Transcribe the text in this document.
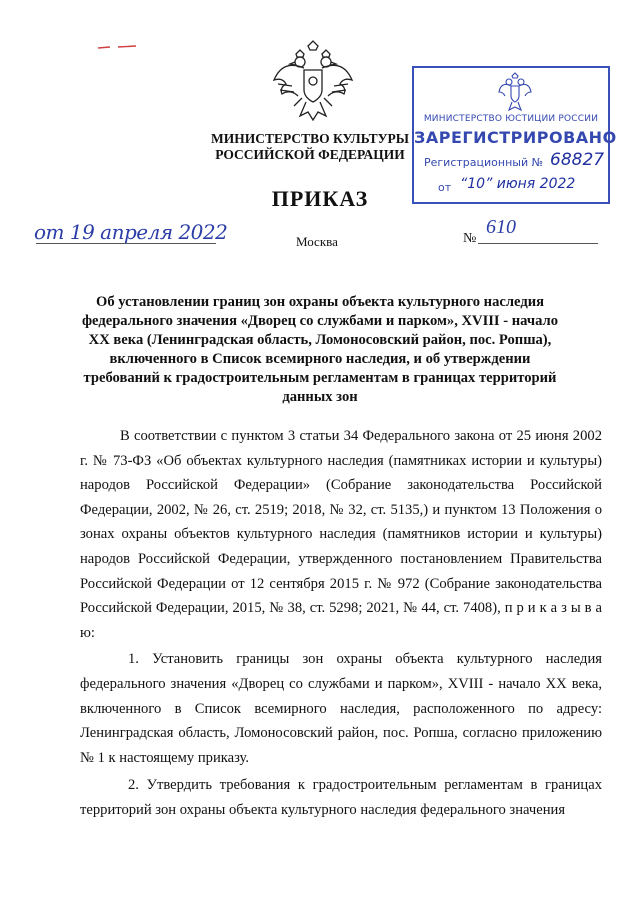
МИНИСТЕРСТВО КУЛЬТУРЫ
РОССИЙСКОЙ ФЕДЕРАЦИИ
МИНИСТЕРСТВО ЮСТИЦИИ РОССИИ
ЗАРЕГИСТРИРОВАНО
Регистрационный № 68827
от “10” июня 2022
ПРИКАЗ
от 19 апреля 2022	Москва	№
610
Об установлении границ зон охраны объекта культурного наследия
федерального значения «Дворец со службами и парком», XVIII - начало
XX века (Ленинградская область, Ломоносовский район, пос. Ропша),
включенного в Список всемирного наследия, и об утверждении
требований к градостроительным регламентам в границах территорий
данных зон

В соответствии с пунктом 3 статьи 34 Федерального закона от 25 июня 2002 г. № 73-ФЗ «Об объектах культурного наследия (памятниках истории и культуры) народов Российской Федерации» (Собрание законодательства Российской Федерации, 2002, № 26, ст. 2519; 2018, № 32, ст. 5135,) и пунктом 13 Положения о зонах охраны объектов культурного наследия (памятников истории и культуры) народов Российской Федерации, утвержденного постановлением Правительства Российской Федерации от 12 сентября 2015 г. № 972 (Собрание законодательства Российской Федерации, 2015, № 38, ст. 5298; 2021, № 44, ст. 7408), п р и к а з ы в а ю:

1. Установить границы зон охраны объекта культурного наследия федерального значения «Дворец со службами и парком», XVIII - начало XX века, включенного в Список всемирного наследия, расположенного по адресу: Ленинградская область, Ломоносовский район, пос. Ропша, согласно приложению № 1 к настоящему приказу.

2. Утвердить требования к градостроительным регламентам в границах территорий зон охраны объекта культурного наследия федерального значения
